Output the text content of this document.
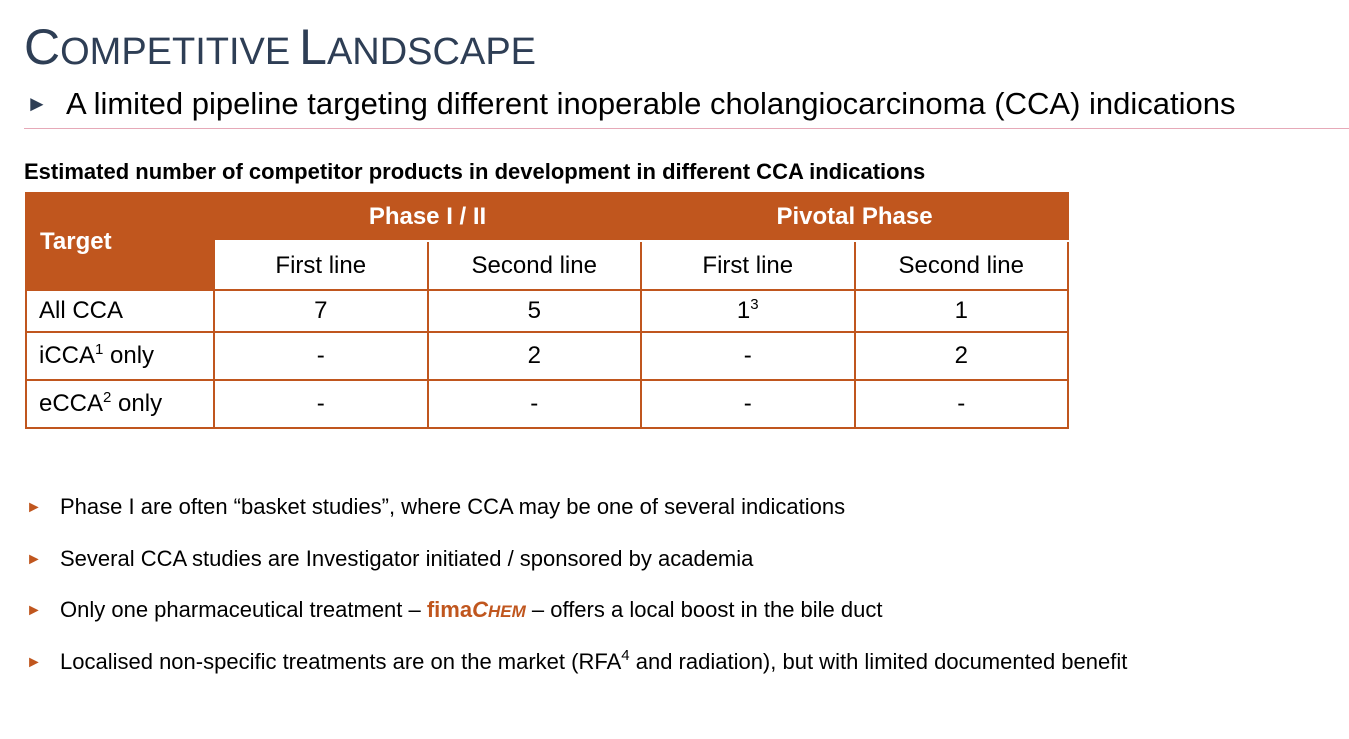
COMPETITIVE LANDSCAPE
► A limited pipeline targeting different inoperable cholangiocarcinoma (CCA) indications
Estimated number of competitor products in development in different CCA indications
Target	Phase I / II		Pivotal Phase	
	First line	Second line	First line	Second line
All CCA	7	5	$1^3$	1
iCCA$^1$ only	-	2	-	2
eCCA$^2$ only	-	-	-	-
► Phase I are often “basket studies”, where CCA may be one of several indications
► Several CCA studies are Investigator initiated / sponsored by academia
► Only one pharmaceutical treatment – fimaCHEM – offers a local boost in the bile duct
► Localised non-specific treatments are on the market (RFA$^4$ and radiation), but with limited documented benefit
